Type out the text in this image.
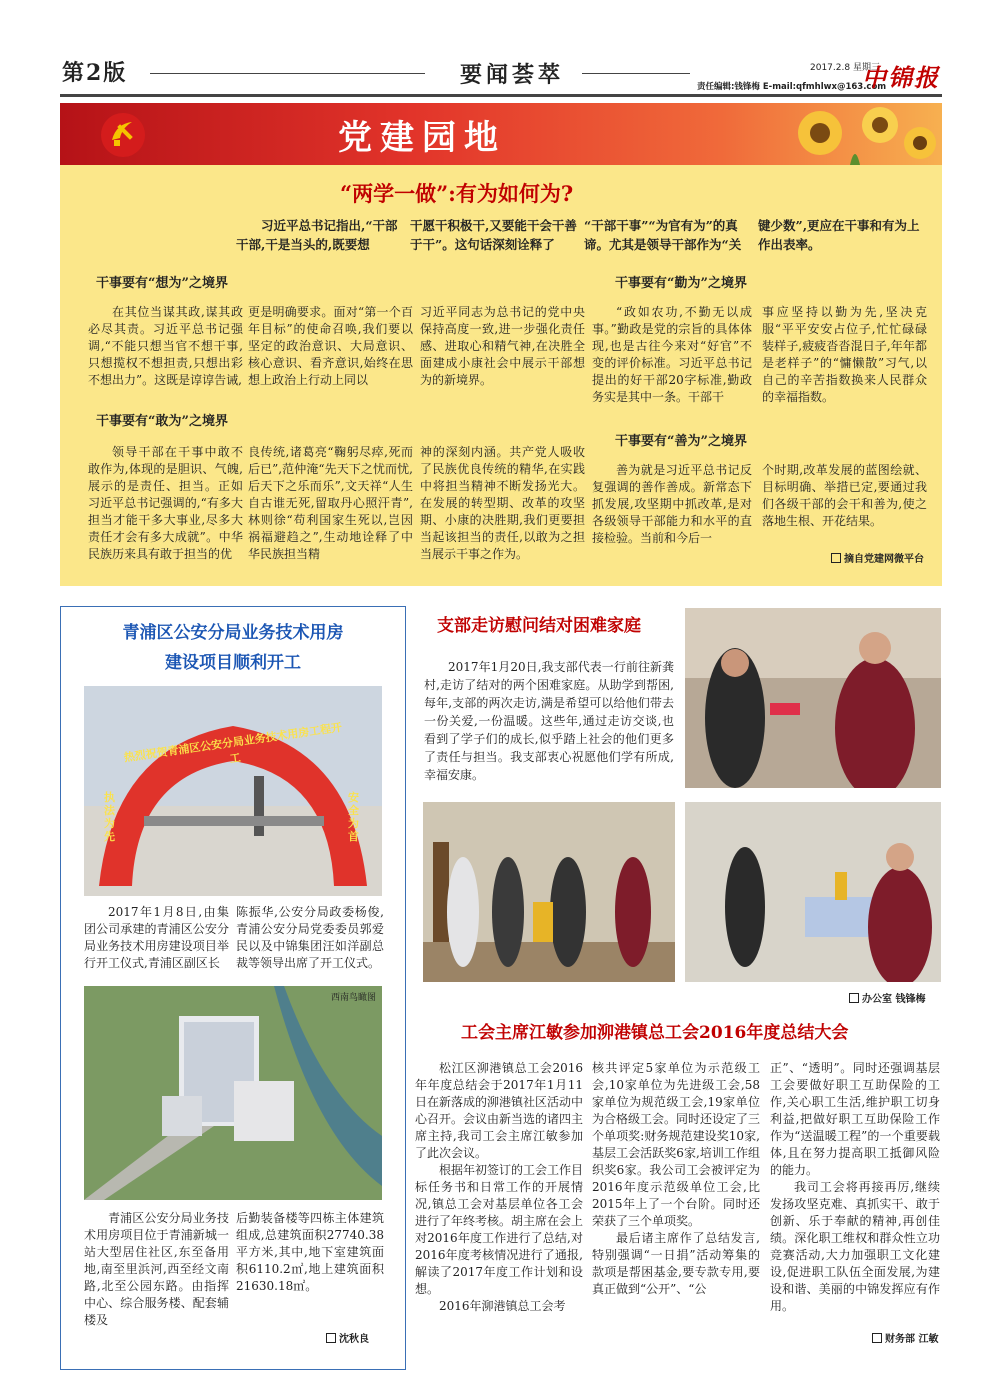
第2版	要闻荟萃	2017.2.8 星期三
责任编辑:钱锋梅 E-mail:qfmhlwx@163.com
中锦报
党建园地
“两学一做”:有为如何为?
习近平总书记指出,“干部干部,干是当头的,既要想
干愿干积极干,又要能干会干善于干”。这句话深刻诠释了
“干部干事”“为官有为”的真谛。尤其是领导干部作为“关
键少数”,更应在干事和有为上作出表率。
干事要有“想为”之境界	干事要有“勤为”之境界

在其位当谋其政,谋其政必尽其责。习近平总书记强调,“不能只想当官不想干事,只想揽权不想担责,只想出彩不想出力”。这既是谆谆告诫,

更是明确要求。面对“第一个百年目标”的使命召唤,我们要以坚定的政治意识、大局意识、核心意识、看齐意识,始终在思想上政治上行动上同以

习近平同志为总书记的党中央保持高度一致,进一步强化责任感、进取心和精气神,在决胜全面建成小康社会中展示干部想为的新境界。

干事要有“敢为”之境界

领导干部在干事中敢不敢作为,体现的是胆识、气魄,展示的是责任、担当。正如习近平总书记强调的,“有多大担当才能干多大事业,尽多大责任才会有多大成就”。中华民族历来具有敢于担当的优

良传统,诸葛亮“鞠躬尽瘁,死而后已”,范仲淹“先天下之忧而忧,后天下之乐而乐”,文天祥“人生自古谁无死,留取丹心照汗青”,林则徐“苟利国家生死以,岂因祸福避趋之”,生动地诠释了中华民族担当精

神的深刻内涵。共产党人吸收了民族优良传统的精华,在实践中将担当精神不断发扬光大。在发展的转型期、改革的攻坚期、小康的决胜期,我们更要担当起该担当的责任,以敢为之担当展示干事之作为。

“政如农功,不勤无以成事。”勤政是党的宗旨的具体体现,也是古往今来对“好官”不变的评价标准。习近平总书记提出的好干部20字标准,勤政务实是其中一条。干部干

事应坚持以勤为先,坚决克服“平平安安占位子,忙忙碌碌装样子,疲疲沓沓混日子,年年都是老样子”的“慵懒散”习气,以自己的辛苦指数换来人民群众的幸福指数。

干事要有“善为”之境界

善为就是习近平总书记反复强调的善作善成。新常态下抓发展,攻坚期中抓改革,是对各级领导干部能力和水平的直接检验。当前和今后一

个时期,改革发展的蓝图绘就、目标明确、举措已定,要通过我们各级干部的会干和善为,使之落地生根、开花结果。

摘自党建网微平台
青浦区公安分局业务技术用房
建设项目顺利开工
热烈祝贺青浦区公安分局业务技术用房工程开工
执法为先
安全为首

2017年1月8日,由集团公司承建的青浦区公安分局业务技术用房建设项目举行开工仪式,青浦区副区长

陈振华,公安分局政委杨俊,青浦公安分局党委委员郭爱民以及中锦集团汪如洋副总裁等领导出席了开工仪式。

西南鸟瞰图

青浦区公安分局业务技术用房项目位于青浦新城一站大型居住社区,东至备用地,南至里浜河,西至经文南路,北至公园东路。由指挥中心、综合服务楼、配套辅楼及

后勤装备楼等四栋主体建筑组成,总建筑面积27740.38平方米,其中,地下室建筑面积6110.2㎡,地上建筑面积21630.18㎡。

沈秋良
支部走访慰问结对困难家庭

2017年1月20日,我支部代表一行前往新龚村,走访了结对的两个困难家庭。从助学到帮困,每年,支部的两次走访,满是希望可以给他们带去一份关爱,一份温暖。这些年,通过走访交谈,也看到了学子们的成长,似乎踏上社会的他们更多了责任与担当。我支部衷心祝愿他们学有所成,幸福安康。

办公室 钱锋梅
工会主席江敏参加泖港镇总工会2016年度总结大会

松江区泖港镇总工会2016年年度总结会于2017年1月11日在新落成的泖港镇社区活动中心召开。会议由新当选的诸四主席主持,我司工会主席江敏参加了此次会议。

根据年初签订的工会工作目标任务书和日常工作的开展情况,镇总工会对基层单位各工会进行了年终考核。胡主席在会上对2016年度工作进行了总结,对2016年度考核情况进行了通报,解读了2017年度工作计划和设想。

2016年泖港镇总工会考

核共评定5家单位为示范级工会,10家单位为先进级工会,58家单位为规范级工会,19家单位为合格级工会。同时还设定了三个单项奖:财务规范建设奖10家,基层工会活跃奖6家,培训工作组织奖6家。我公司工会被评定为2016年度示范级单位工会,比2015年上了一个台阶。同时还荣获了三个单项奖。

最后诸主席作了总结发言,特别强调“一日捐”活动筹集的款项是帮困基金,要专款专用,要真正做到“公开”、“公

正”、“透明”。同时还强调基层工会要做好职工互助保险的工作,关心职工生活,维护职工切身利益,把做好职工互助保险工作作为“送温暖工程”的一个重要载体,且在努力提高职工抵御风险的能力。

我司工会将再接再厉,继续发扬攻坚克难、真抓实干、敢于创新、乐于奉献的精神,再创佳绩。深化职工维权和群众性立功竞赛活动,大力加强职工文化建设,促进职工队伍全面发展,为建设和谐、美丽的中锦发挥应有作用。

财务部 江敏
